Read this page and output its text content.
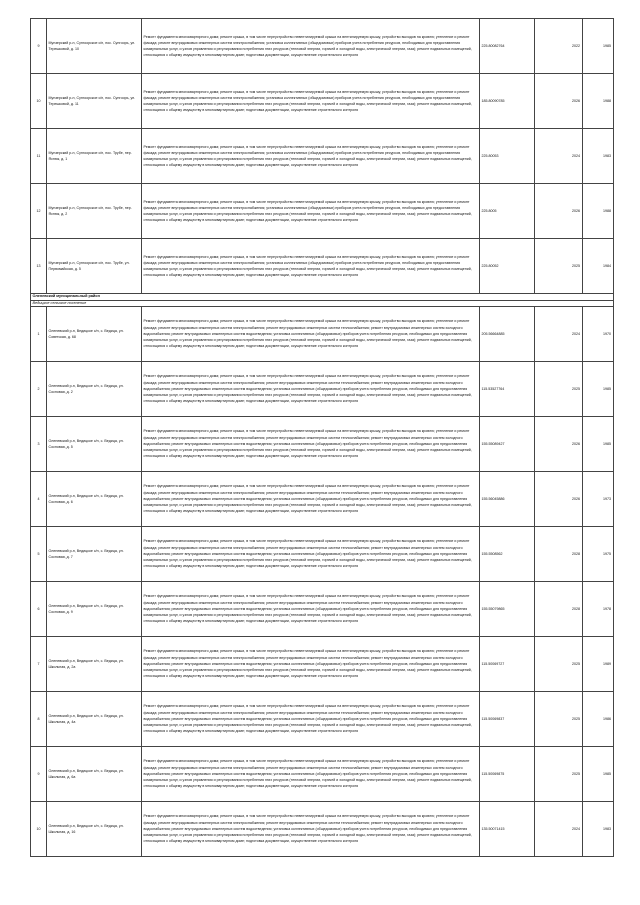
9	Мунзерский р-н, Сунгоорское с/п, пос. Сунгоорь, ул. Терешковой, д. 10	Ремонт фундамента многоквартирного дома; ремонт крыши, в том числе переустройство невентилируемой крыши на вентилируемую крышу, устройство выходов на кровлю; утепление и ремонт фасада; ремонт внутридомовых инженерных систем электроснабжения; установка коллективных (общедомовых) приборов учета потребления ресурсов, необходимых для предоставления коммунальных услуг, и узлов управления и регулирования потребления этих ресурсов (тепловой энергии, горячей и холодной воды, электрической энергии, газа); ремонт подвальных помещений, относящихся к общему имуществу в многоквартирном доме; подготовка документации, осуществление строительного контроля	225.80082764	2022	1985
10	Мунзерский р-н, Сунгоорское с/п, пос. Сунгоорь, ул. Терешковой, д. 11	Ремонт фундамента многоквартирного дома; ремонт крыши, в том числе переустройство невентилируемой крыши на вентилируемую крышу, устройство выходов на кровлю; утепление и ремонт фасада; ремонт внутридомовых инженерных систем электроснабжения; установка коллективных (общедомовых) приборов учета потребления ресурсов, необходимых для предоставления коммунальных услуг, и узлов управления и регулирования потребления этих ресурсов (тепловой энергии, горячей и холодной воды, электрической энергии, газа); ремонт подвальных помещений, относящихся к общему имуществу в многоквартирном доме; подготовка документации, осуществление строительного контроля	185.80090785	2026	1988
11	Мунзерский р-н, Сунгоорское с/п, пос. Трубе, пер. Яснюк, д. 1	Ремонт фундамента многоквартирного дома; ремонт крыши, в том числе переустройство невентилируемой крыши на вентилируемую крышу, устройство выходов на кровлю; утепление и ремонт фасада; ремонт внутридомовых инженерных систем электроснабжения; установка коллективных (общедомовых) приборов учета потребления ресурсов, необходимых для предоставления коммунальных услуг, и узлов управления и регулирования потребления этих ресурсов (тепловой энергии, горячей и холодной воды, электрической энергии, газа); ремонт подвальных помещений, относящихся к общему имуществу в многоквартирном доме; подготовка документации, осуществление строительного контроля	225.80053	2024	1983
12	Мунзерский р-н, Сунгоорское с/п, пос. Трубе, пер. Яснюк, д. 2	Ремонт фундамента многоквартирного дома; ремонт крыши, в том числе переустройство невентилируемой крыши на вентилируемую крышу, устройство выходов на кровлю; утепление и ремонт фасада; ремонт внутридомовых инженерных систем электроснабжения; установка коллективных (общедомовых) приборов учета потребления ресурсов, необходимых для предоставления коммунальных услуг, и узлов управления и регулирования потребления этих ресурсов (тепловой энергии, горячей и холодной воды, электрической энергии, газа); ремонт подвальных помещений, относящихся к общему имуществу в многоквартирном доме; подготовка документации, осуществление строительного контроля	225.8005	2026	1988
13	Мунзерский р-н, Сунгоорское с/п, пос. Трубе, ул. Первомайская, д. 5	Ремонт фундамента многоквартирного дома; ремонт крыши, в том числе переустройство невентилируемой крыши на вентилируемую крышу, устройство выходов на кровлю; утепление и ремонт фасада; ремонт внутридомовых инженерных систем электроснабжения; установка коллективных (общедомовых) приборов учета потребления ресурсов, необходимых для предоставления коммунальных услуг, и узлов управления и регулирования потребления этих ресурсов (тепловой энергии, горячей и холодной воды, электрической энергии, газа); ремонт подвальных помещений, относящихся к общему имуществу в многоквартирном доме; подготовка документации, осуществление строительного контроля	225.80052	2025	1984
Оленевский муниципальный район					
Ведицкое сельское поселение					
1	Оленевский р-н, Ведицкое с/п, с. Ведица, ул. Советская, д. 68	Ремонт фундамента многоквартирного дома; ремонт крыши, в том числе переустройство невентилируемой крыши на вентилируемую крышу, устройство выходов на кровлю; утепление и ремонт фасада; ремонт внутридомовых инженерных систем электроснабжения; ремонт внутридомовых инженерных систем теплоснабжения; ремонт внутридомовых инженерных систем холодного водоснабжения; ремонт внутридомовых инженерных систем водоотведения; установка коллективных (общедомовых) приборов учета потребления ресурсов, необходимых для предоставления коммунальных услуг, и узлов управления и регулирования потребления этих ресурсов (тепловой энергии, горячей и холодной воды, электрической энергии, газа); ремонт подвальных помещений, относящихся к общему имуществу в многоквартирном доме; подготовка документации, осуществление строительного контроля	205.56664885	2024	1970
2	Оленевский р-н, Ведицкое с/п, с. Ведица, ул. Сосновая, д. 2	Ремонт фундамента многоквартирного дома; ремонт крыши, в том числе переустройство невентилируемой крыши на вентилируемую крышу, устройство выходов на кровлю; утепление и ремонт фасада; ремонт внутридомовых инженерных систем электроснабжения; ремонт внутридомовых инженерных систем теплоснабжения; ремонт внутридомовых инженерных систем холодного водоснабжения; ремонт внутридомовых инженерных систем водоотведения; установка коллективных (общедомовых) приборов учета потребления ресурсов, необходимых для предоставления коммунальных услуг, и узлов управления и регулирования потребления этих ресурсов (тепловой энергии, горячей и холодной воды, электрической энергии, газа); ремонт подвальных помещений, относящихся к общему имуществу в многоквартирном доме; подготовка документации, осуществление строительного контроля	115.53527764	2025	1985
3	Оленевский р-н, Ведицкое с/п, с. Ведица, ул. Сосновая, д. 5	Ремонт фундамента многоквартирного дома; ремонт крыши, в том числе переустройство невентилируемой крыши на вентилируемую крышу, устройство выходов на кровлю; утепление и ремонт фасада; ремонт внутридомовых инженерных систем электроснабжения; ремонт внутридомовых инженерных систем теплоснабжения; ремонт внутридомовых инженерных систем холодного водоснабжения; ремонт внутридомовых инженерных систем водоотведения; установка коллективных (общедомовых) приборов учета потребления ресурсов, необходимых для предоставления коммунальных услуг, и узлов управления и регулирования потребления этих ресурсов (тепловой энергии, горячей и холодной воды, электрической энергии, газа); ремонт подвальных помещений, относящихся к общему имуществу в многоквартирном доме; подготовка документации, осуществление строительного контроля	155.55089427	2026	1985
4	Оленевский р-н, Ведицкое с/п, с. Ведица, ул. Сосновая, д. 6	Ремонт фундамента многоквартирного дома; ремонт крыши, в том числе переустройство невентилируемой крыши на вентилируемую крышу, устройство выходов на кровлю; утепление и ремонт фасада; ремонт внутридомовых инженерных систем электроснабжения; ремонт внутридомовых инженерных систем теплоснабжения; ремонт внутридомовых инженерных систем холодного водоснабжения; ремонт внутридомовых инженерных систем водоотведения; установка коллективных (общедомовых) приборов учета потребления ресурсов, необходимых для предоставления коммунальных услуг, и узлов управления и регулирования потребления этих ресурсов (тепловой энергии, горячей и холодной воды, электрической энергии, газа); ремонт подвальных помещений, относящихся к общему имуществу в многоквартирном доме; подготовка документации, осуществление строительного контроля	155.56045886	2026	1973
5	Оленевский р-н, Ведицкое с/п, с. Ведица, ул. Сосновая, д. 7	Ремонт фундамента многоквартирного дома; ремонт крыши, в том числе переустройство невентилируемой крыши на вентилируемую крышу, устройство выходов на кровлю; утепление и ремонт фасада; ремонт внутридомовых инженерных систем электроснабжения; ремонт внутридомовых инженерных систем теплоснабжения; ремонт внутридомовых инженерных систем холодного водоснабжения; ремонт внутридомовых инженерных систем водоотведения; установка коллективных (общедомовых) приборов учета потребления ресурсов, необходимых для предоставления коммунальных услуг, и узлов управления и регулирования потребления этих ресурсов (тепловой энергии, горячей и холодной воды, электрической энергии, газа); ремонт подвальных помещений, относящихся к общему имуществу в многоквартирном доме; подготовка документации, осуществление строительного контроля	155.5508562	2028	1975
6	Оленевский р-н, Ведицкое с/п, с. Ведица, ул. Сосновая, д. 9	Ремонт фундамента многоквартирного дома; ремонт крыши, в том числе переустройство невентилируемой крыши на вентилируемую крышу, устройство выходов на кровлю; утепление и ремонт фасада; ремонт внутридомовых инженерных систем электроснабжения; ремонт внутридомовых инженерных систем теплоснабжения; ремонт внутридомовых инженерных систем холодного водоснабжения; ремонт внутридомовых инженерных систем водоотведения; установка коллективных (общедомовых) приборов учета потребления ресурсов, необходимых для предоставления коммунальных услуг, и узлов управления и регулирования потребления этих ресурсов (тепловой энергии, горячей и холодной воды, электрической энергии, газа); ремонт подвальных помещений, относящихся к общему имуществу в многоквартирном доме; подготовка документации, осуществление строительного контроля	155.55079865	2028	1978
7	Оленевский р-н, Ведицкое с/п, с. Ведица, ул. Школьная, д. 2а	Ремонт фундамента многоквартирного дома; ремонт крыши, в том числе переустройство невентилируемой крыши на вентилируемую крышу, устройство выходов на кровлю; утепление и ремонт фасада; ремонт внутридомовых инженерных систем электроснабжения; ремонт внутридомовых инженерных систем теплоснабжения; ремонт внутридомовых инженерных систем холодного водоснабжения; ремонт внутридомовых инженерных систем водоотведения; установка коллективных (общедомовых) приборов учета потребления ресурсов, необходимых для предоставления коммунальных услуг, и узлов управления и регулирования потребления этих ресурсов (тепловой энергии, горячей и холодной воды, электрической энергии, газа); ремонт подвальных помещений, относящихся к общему имуществу в многоквартирном доме; подготовка документации, осуществление строительного контроля	115.50069727	2025	1989
8	Оленевский р-н, Ведицкое с/п, с. Ведица, ул. Школьная, д. 4а	Ремонт фундамента многоквартирного дома; ремонт крыши, в том числе переустройство невентилируемой крыши на вентилируемую крышу, устройство выходов на кровлю; утепление и ремонт фасада; ремонт внутридомовых инженерных систем электроснабжения; ремонт внутридомовых инженерных систем теплоснабжения; ремонт внутридомовых инженерных систем холодного водоснабжения; ремонт внутридомовых инженерных систем водоотведения; установка коллективных (общедомовых) приборов учета потребления ресурсов, необходимых для предоставления коммунальных услуг, и узлов управления и регулирования потребления этих ресурсов (тепловой энергии, горячей и холодной воды, электрической энергии, газа); ремонт подвальных помещений, относящихся к общему имуществу в многоквартирном доме; подготовка документации, осуществление строительного контроля	115.50069837	2025	1986
9	Оленевский р-н, Ведицкое с/п, с. Ведица, ул. Школьная, д. 6а	Ремонт фундамента многоквартирного дома; ремонт крыши, в том числе переустройство невентилируемой крыши на вентилируемую крышу, устройство выходов на кровлю; утепление и ремонт фасада; ремонт внутридомовых инженерных систем электроснабжения; ремонт внутридомовых инженерных систем теплоснабжения; ремонт внутридомовых инженерных систем холодного водоснабжения; ремонт внутридомовых инженерных систем водоотведения; установка коллективных (общедомовых) приборов учета потребления ресурсов, необходимых для предоставления коммунальных услуг, и узлов управления и регулирования потребления этих ресурсов (тепловой энергии, горячей и холодной воды, электрической энергии, газа); ремонт подвальных помещений, относящихся к общему имуществу в многоквартирном доме; подготовка документации, осуществление строительного контроля	115.50069875	2025	1985
10	Оленевский р-н, Ведицкое с/п, с. Ведица, ул. Школьная, д. 16	Ремонт фундамента многоквартирного дома; ремонт крыши, в том числе переустройство невентилируемой крыши на вентилируемую крышу, устройство выходов на кровлю; утепление и ремонт фасада; ремонт внутридомовых инженерных систем электроснабжения; ремонт внутридомовых инженерных систем теплоснабжения; ремонт внутридомовых инженерных систем холодного водоснабжения; ремонт внутридомовых инженерных систем водоотведения; установка коллективных (общедомовых) приборов учета потребления ресурсов, необходимых для предоставления коммунальных услуг, и узлов управления и регулирования потребления этих ресурсов (тепловой энергии, горячей и холодной воды, электрической энергии, газа); ремонт подвальных помещений, относящихся к общему имуществу в многоквартирном доме; подготовка документации, осуществление строительного контроля	135.50071415	2024	1983
